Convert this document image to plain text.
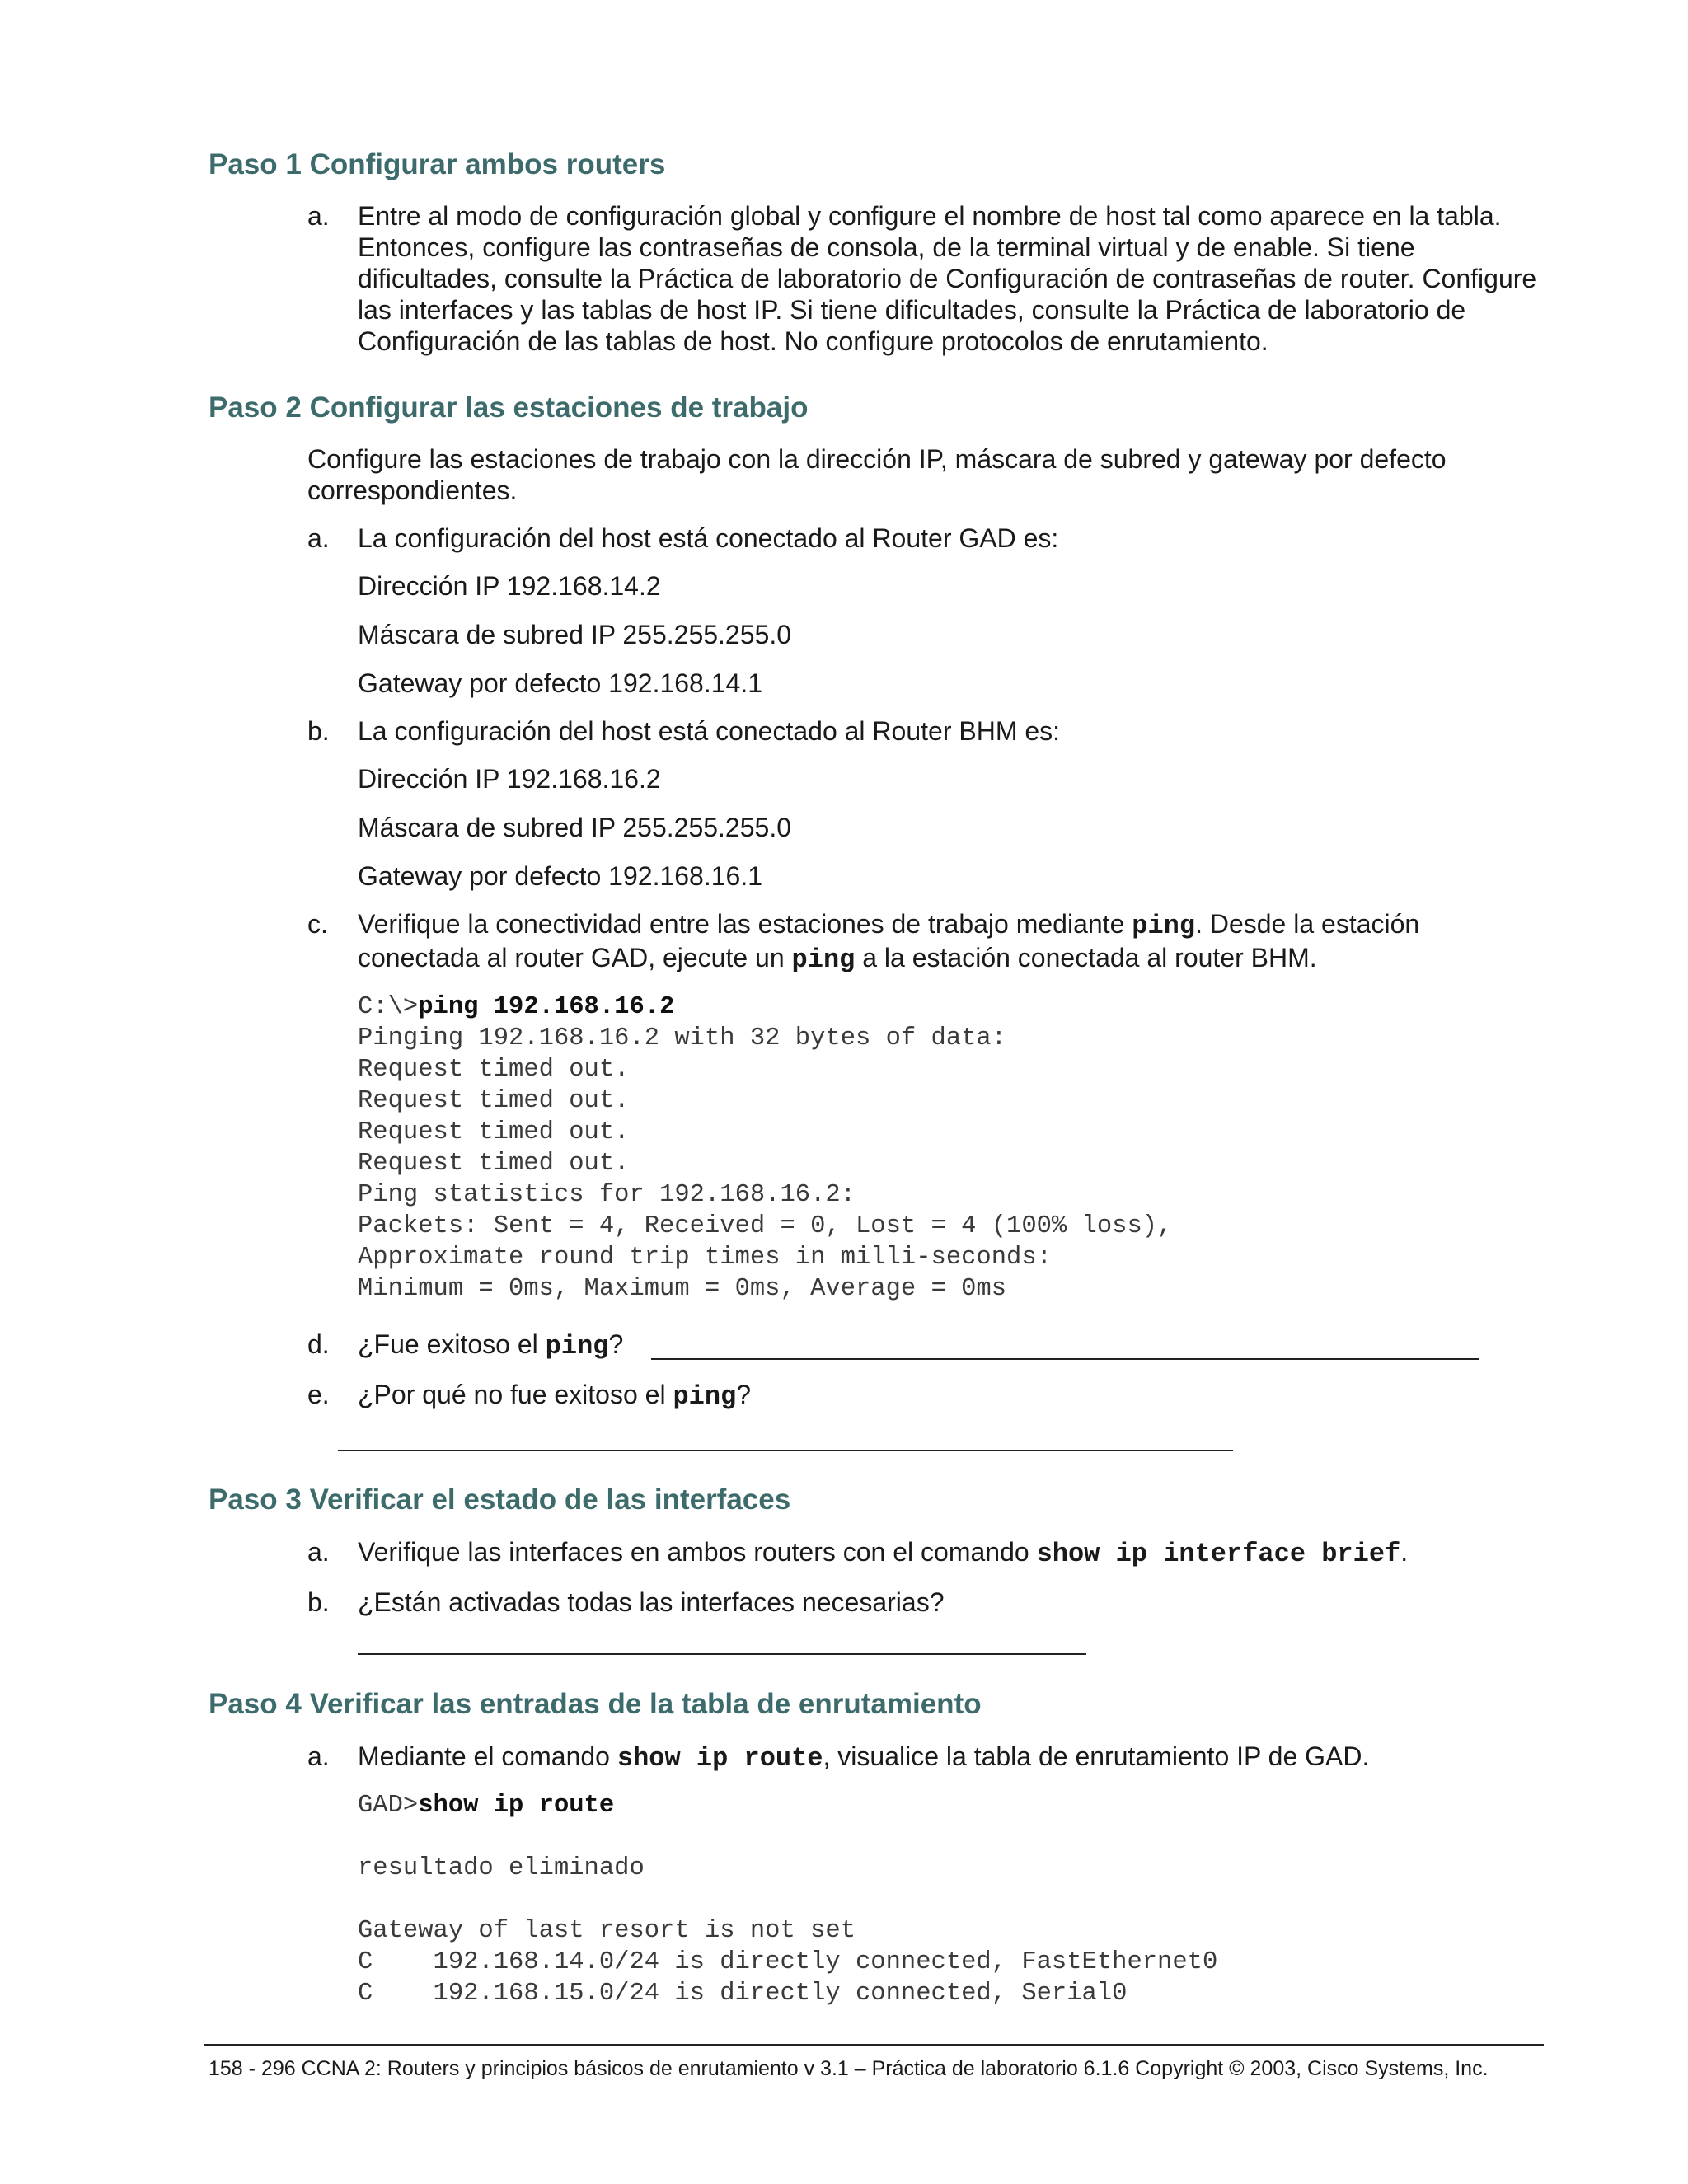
Paso 1 Configurar ambos routers
a. Entre al modo de configuración global y configure el nombre de host tal como aparece en la tabla. Entonces, configure las contraseñas de consola, de la terminal virtual y de enable. Si tiene dificultades, consulte la Práctica de laboratorio de Configuración de contraseñas de router. Configure las interfaces y las tablas de host IP. Si tiene dificultades, consulte la Práctica de laboratorio de Configuración de las tablas de host. No configure protocolos de enrutamiento.

Paso 2 Configurar las estaciones de trabajo

Configure las estaciones de trabajo con la dirección IP, máscara de subred y gateway por defecto correspondientes.

a. La configuración del host está conectado al Router GAD es:

Dirección IP 192.168.14.2

Máscara de subred IP 255.255.255.0

Gateway por defecto 192.168.14.1

b. La configuración del host está conectado al Router BHM es:

Dirección IP 192.168.16.2

Máscara de subred IP 255.255.255.0

Gateway por defecto 192.168.16.1

c. Verifique la conectividad entre las estaciones de trabajo mediante ping. Desde la estación conectada al router GAD, ejecute un ping a la estación conectada al router BHM.

C:\>ping 192.168.16.2
Pinging 192.168.16.2 with 32 bytes of data:
Request timed out.
Request timed out.
Request timed out.
Request timed out.
Ping statistics for 192.168.16.2:
Packets: Sent = 4, Received = 0, Lost = 4 (100% loss),
Approximate round trip times in milli-seconds:
Minimum = 0ms, Maximum = 0ms, Average = 0ms
d. ¿Fue exitoso el ping?

e. ¿Por qué no fue exitoso el ping?

Paso 3 Verificar el estado de las interfaces
a. Verifique las interfaces en ambos routers con el comando show ip interface brief.

b. ¿Están activadas todas las interfaces necesarias?

Paso 4 Verificar las entradas de la tabla de enrutamiento
a. Mediante el comando show ip route, visualice la tabla de enrutamiento IP de GAD.

GAD>show ip route

resultado eliminado

Gateway of last resort is not set
C    192.168.14.0/24 is directly connected, FastEthernet0
C    192.168.15.0/24 is directly connected, Serial0

158 - 296 CCNA 2: Routers y principios básicos de enrutamiento v 3.1 – Práctica de laboratorio 6.1.6 Copyright © 2003, Cisco Systems, Inc.
